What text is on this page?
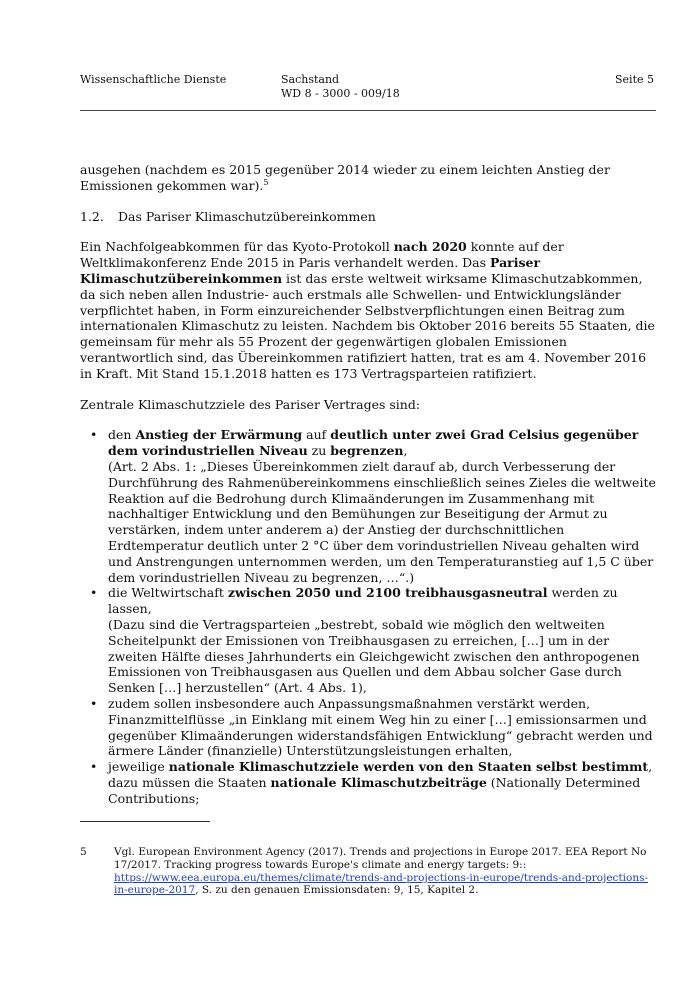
Wissenschaftliche Dienste	Sachstand
WD 8 - 3000 - 009/18
Seite 5

ausgehen (nachdem es 2015 gegenüber 2014 wieder zu einem leichten Anstieg der Emissionen gekommen war).$^5$

1.2.	Das Pariser Klimaschutzübereinkommen

Ein Nachfolgeabkommen für das Kyoto-Protokoll nach 2020 konnte auf der Weltklimakonferenz Ende 2015 in Paris verhandelt werden. Das Pariser Klimaschutzübereinkommen ist das erste weltweit wirksame Klimaschutzabkommen, da sich neben allen Industrie- auch erstmals alle Schwellen- und Entwicklungsländer verpflichtet haben, in Form einzureichender Selbstverpflichtungen einen Beitrag zum internationalen Klimaschutz zu leisten. Nachdem bis Oktober 2016 bereits 55 Staaten, die gemeinsam für mehr als 55 Prozent der gegenwärtigen globalen Emissionen verantwortlich sind, das Übereinkommen ratifiziert hatten, trat es am 4. November 2016 in Kraft. Mit Stand 15.1.2018 hatten es 173 Vertragsparteien ratifiziert.

Zentrale Klimaschutzziele des Pariser Vertrages sind:

• den Anstieg der Erwärmung auf deutlich unter zwei Grad Celsius gegenüber dem vorindustriellen Niveau zu begrenzen,
(Art. 2 Abs. 1: „Dieses Übereinkommen zielt darauf ab, durch Verbesserung der Durchführung des Rahmenübereinkommens einschließlich seines Zieles die weltweite Reaktion auf die Bedrohung durch Klimaänderungen im Zusammenhang mit nachhaltiger Entwicklung und den Bemühungen zur Beseitigung der Armut zu verstärken, indem unter anderem a) der Anstieg der durchschnittlichen Erdtemperatur deutlich unter 2 °C über dem vorindustriellen Niveau gehalten wird und Anstrengungen unternommen werden, um den Temperaturanstieg auf 1,5 C über dem vorindustriellen Niveau zu begrenzen, …“.)
• die Weltwirtschaft zwischen 2050 und 2100 treibhausgasneutral werden zu lassen,
(Dazu sind die Vertragsparteien „bestrebt, sobald wie möglich den weltweiten Scheitelpunkt der Emissionen von Treibhausgasen zu erreichen, […] um in der zweiten Hälfte dieses Jahrhunderts ein Gleichgewicht zwischen den anthropogenen Emissionen von Treibhausgasen aus Quellen und dem Abbau solcher Gase durch Senken […] herzustellen“ (Art. 4 Abs. 1),
• zudem sollen insbesondere auch Anpassungsmaßnahmen verstärkt werden, Finanzmittelflüsse „in Einklang mit einem Weg hin zu einer […] emissionsarmen und gegenüber Klimaänderungen widerstandsfähigen Entwicklung“ gebracht werden und ärmere Länder (finanzielle) Unterstützungsleistungen erhalten,
• jeweilige nationale Klimaschutzziele werden von den Staaten selbst bestimmt, dazu müssen die Staaten nationale Klimaschutzbeiträge (Nationally Determined Contributions;
5	Vgl. European Environment Agency (2017). Trends and projections in Europe 2017. EEA Report No 17/2017. Tracking progress towards Europe's climate and energy targets: 9:: https://www.eea.europa.eu/themes/climate/trends-and-projections-in-europe/trends-and-projections-in-europe-2017, S. zu den genauen Emissionsdaten: 9, 15, Kapitel 2.
